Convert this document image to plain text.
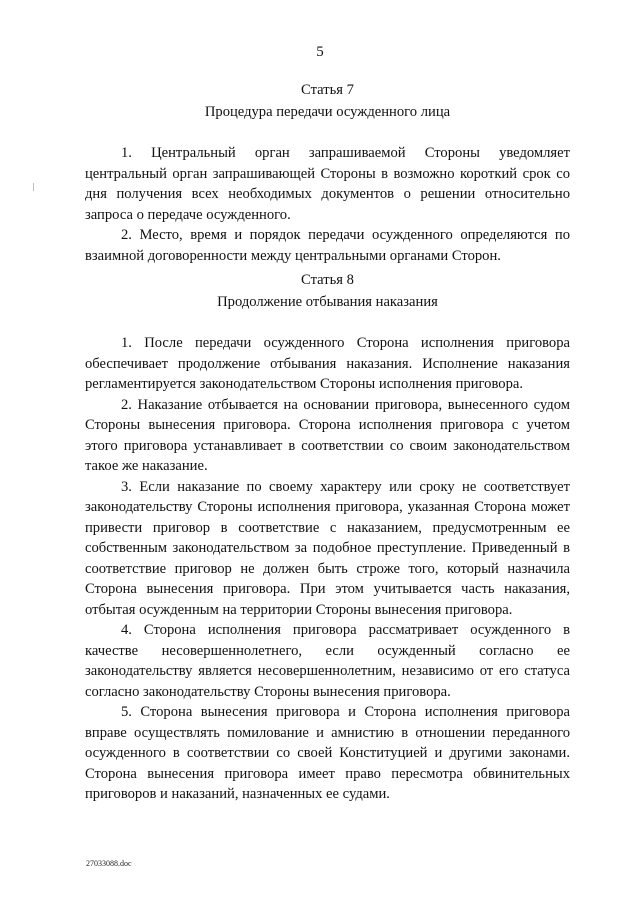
5
Статья 7
Процедура передачи осужденного лица

1. Центральный орган запрашиваемой Стороны уведомляет центральный орган запрашивающей Стороны в возможно короткий срок со дня получения всех необходимых документов о решении относительно запроса о передаче осужденного.

2. Место, время и порядок передачи осужденного определяются по взаимной договоренности между центральными органами Сторон.

Статья 8
Продолжение отбывания наказания

1. После передачи осужденного Сторона исполнения приговора обеспечивает продолжение отбывания наказания. Исполнение наказания регламентируется законодательством Стороны исполнения приговора.

2. Наказание отбывается на основании приговора, вынесенного судом Стороны вынесения приговора. Сторона исполнения приговора с учетом этого приговора устанавливает в соответствии со своим законодательством такое же наказание.

3. Если наказание по своему характеру или сроку не соответствует законодательству Стороны исполнения приговора, указанная Сторона может привести приговор в соответствие с наказанием, предусмотренным ее собственным законодательством за подобное преступление. Приведенный в соответствие приговор не должен быть строже того, который назначила Сторона вынесения приговора. При этом учитывается часть наказания, отбытая осужденным на территории Стороны вынесения приговора.

4. Сторона исполнения приговора рассматривает осужденного в качестве несовершеннолетнего, если осужденный согласно ее законодательству является несовершеннолетним, независимо от его статуса согласно законодательству Стороны вынесения приговора.

5. Сторона вынесения приговора и Сторона исполнения приговора вправе осуществлять помилование и амнистию в отношении переданного осужденного в соответствии со своей Конституцией и другими законами. Сторона вынесения приговора имеет право пересмотра обвинительных приговоров и наказаний, назначенных ее судами.

27033088.doc
